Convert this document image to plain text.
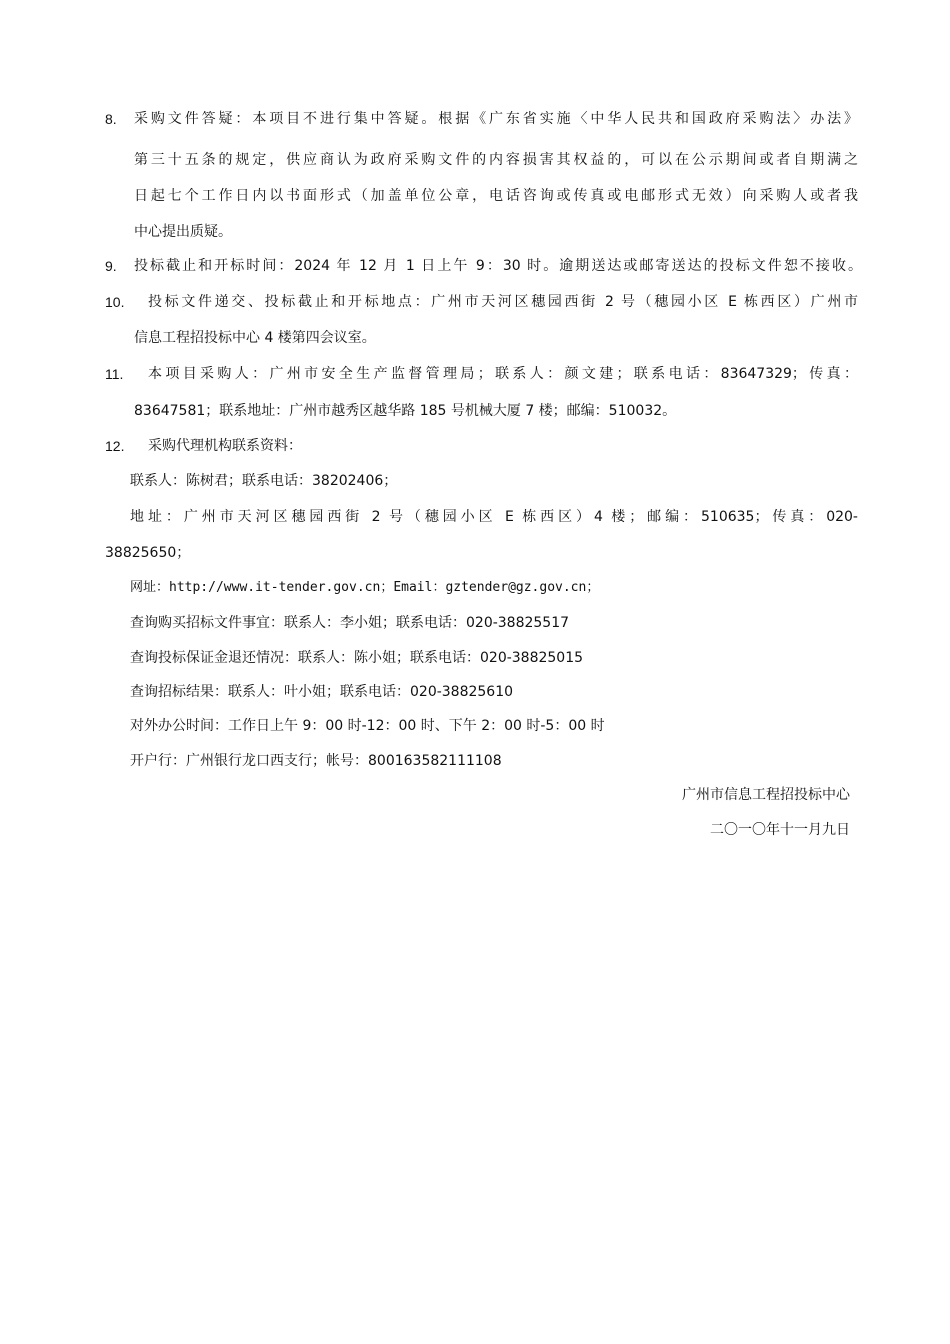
8. 采购文件答疑：本项目不进行集中答疑。根据《广东省实施〈中华人民共和国政府采购法〉办法》
第三十五条的规定，供应商认为政府采购文件的内容损害其权益的，可以在公示期间或者自期满之
日起七个工作日内以书面形式（加盖单位公章，电话咨询或传真或电邮形式无效）向采购人或者我
中心提出质疑。
9. 投标截止和开标时间：2024 年 12 月 1 日上午 9：30 时。逾期送达或邮寄送达的投标文件恕不接收。
10. 投标文件递交、投标截止和开标地点：广州市天河区穗园西街 2 号（穗园小区 E 栋西区）广州市
信息工程招投标中心 4 楼第四会议室。
11. 本项目采购人：广州市安全生产监督管理局；联系人：颜文建；联系电话：83647329；传真：
83647581；联系地址：广州市越秀区越华路 185 号机械大厦 7 楼；邮编：510032。
12. 采购代理机构联系资料：
联系人：陈树君；联系电话：38202406；
地址：广州市天河区穗园西街 2 号（穗园小区 E 栋西区）4 楼；邮编：510635；传真：020-
38825650；
网址：http://www.it-tender.gov.cn；Email：gztender@gz.gov.cn；
查询购买招标文件事宜：联系人：李小姐；联系电话：020-38825517
查询投标保证金退还情况：联系人：陈小姐；联系电话：020-38825015
查询招标结果：联系人：叶小姐；联系电话：020-38825610
对外办公时间：工作日上午 9：00 时-12：00 时、下午 2：00 时-5：00 时
开户行：广州银行龙口西支行；帐号：800163582111108
广州市信息工程招投标中心
二〇一〇年十一月九日
